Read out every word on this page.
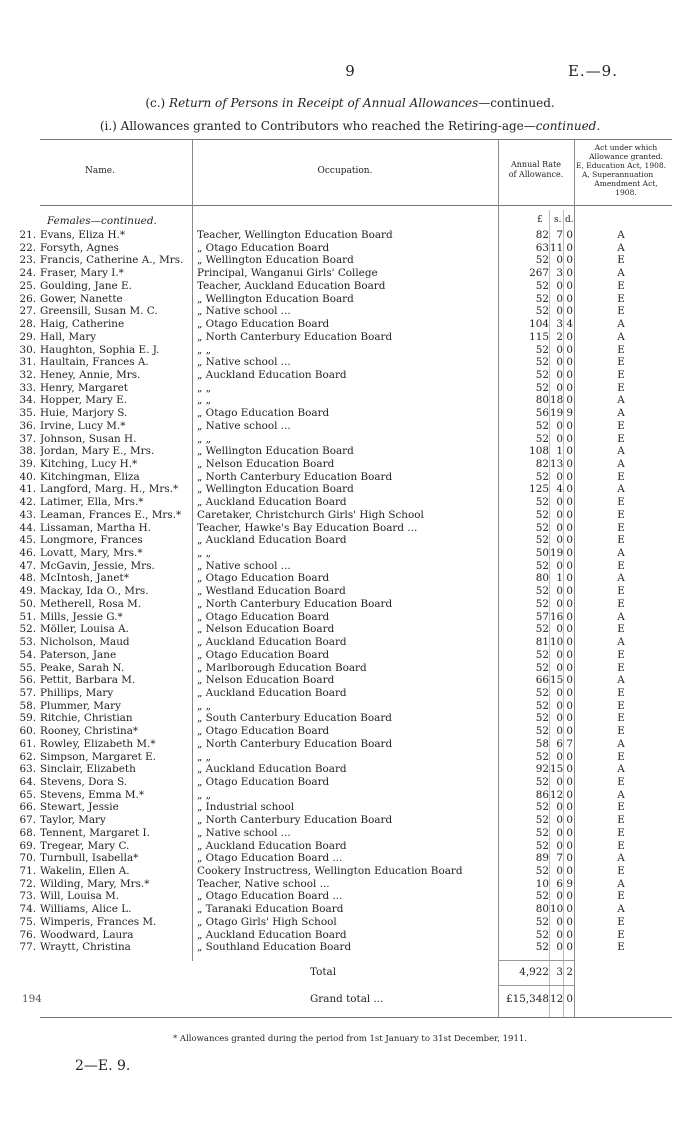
9	E.—9.
(c.) Return of Persons in Receipt of Annual Allowances—continued.
(i.) Allowances granted to Contributors who reached the Retiring-age—continued.
Name.	Occupation.
Annual Rate
of Allowance.
Act under which
Allowance granted.
E, Education Act, 1908.
A, Superannuation
Amendment Act,
1908.
Females—continued.	£ s. d.
21. Evans, Eliza H.*	Teacher, Wellington Education Board	82 7 0	A
22. Forsyth, Agnes	„ Otago Education Board	63 11 0	A
23. Francis, Catherine A., Mrs.	„ Wellington Education Board	52 0 0	E
24. Fraser, Mary I.*	Principal, Wanganui Girls' College	267 3 0	A
25. Goulding, Jane E.	Teacher, Auckland Education Board	52 0 0	E
26. Gower, Nanette	„ Wellington Education Board	52 0 0	E
27. Greensill, Susan M. C.	„ Native school ...	52 0 0	E
28. Haig, Catherine	„ Otago Education Board	104 3 4	A
29. Hall, Mary	„ North Canterbury Education Board	115 2 0	A
30. Haughton, Sophia E. J.	„ „	52 0 0	E
31. Haultain, Frances A.	„ Native school ...	52 0 0	E
32. Heney, Annie, Mrs.	„ Auckland Education Board	52 0 0	E
33. Henry, Margaret	„ „	52 0 0	E
34. Hopper, Mary E.	„ „	80 18 0	A
35. Huie, Marjory S.	„ Otago Education Board	56 19 9	A
36. Irvine, Lucy M.*	„ Native school ...	52 0 0	E
37. Johnson, Susan H.	„ „	52 0 0	E
38. Jordan, Mary E., Mrs.	„ Wellington Education Board	108 1 0	A
39. Kitching, Lucy H.*	„ Nelson Education Board	82 13 0	A
40. Kitchingman, Eliza	„ North Canterbury Education Board	52 0 0	E
41. Langford, Marg. H., Mrs.*	„ Wellington Education Board	125 4 0	A
42. Latimer, Ella, Mrs.*	„ Auckland Education Board	52 0 0	E
43. Leaman, Frances E., Mrs.*	Caretaker, Christchurch Girls' High School	52 0 0	E
44. Lissaman, Martha H.	Teacher, Hawke's Bay Education Board ...	52 0 0	E
45. Longmore, Frances	„ Auckland Education Board	52 0 0	E
46. Lovatt, Mary, Mrs.*	„ „	50 19 0	A
47. McGavin, Jessie, Mrs.	„ Native school ...	52 0 0	E
48. McIntosh, Janet*	„ Otago Education Board	80 1 0	A
49. Mackay, Ida O., Mrs.	„ Westland Education Board	52 0 0	E
50. Metherell, Rosa M.	„ North Canterbury Education Board	52 0 0	E
51. Mills, Jessie G.*	„ Otago Education Board	57 16 0	A
52. Möller, Louisa A.	„ Nelson Education Board	52 0 0	E
53. Nicholson, Maud	„ Auckland Education Board	81 10 0	A
54. Paterson, Jane	„ Otago Education Board	52 0 0	E
55. Peake, Sarah N.	„ Marlborough Education Board	52 0 0	E
56. Pettit, Barbara M.	„ Nelson Education Board	66 15 0	A
57. Phillips, Mary	„ Auckland Education Board	52 0 0	E
58. Plummer, Mary	„ „	52 0 0	E
59. Ritchie, Christian	„ South Canterbury Education Board	52 0 0	E
60. Rooney, Christina*	„ Otago Education Board	52 0 0	E
61. Rowley, Elizabeth M.*	„ North Canterbury Education Board	58 6 7	A
62. Simpson, Margaret E.	„ „	52 0 0	E
63. Sinclair, Elizabeth	„ Auckland Education Board	92 15 0	A
64. Stevens, Dora S.	„ Otago Education Board	52 0 0	E
65. Stevens, Emma M.*	„ „	86 12 0	A
66. Stewart, Jessie	„ Industrial school	52 0 0	E
67. Taylor, Mary	„ North Canterbury Education Board	52 0 0	E
68. Tennent, Margaret I.	„ Native school ...	52 0 0	E
69. Tregear, Mary C.	„ Auckland Education Board	52 0 0	E
70. Turnbull, Isabella*	„ Otago Education Board ...	89 7 0	A
71. Wakelin, Ellen A.	Cookery Instructress, Wellington Education Board	52 0 0	E
72. Wilding, Mary, Mrs.*	Teacher, Native school ...	10 6 9	A
73. Will, Louisa M.	„ Otago Education Board ...	52 0 0	E
74. Williams, Alice L.	„ Taranaki Education Board	80 10 0	A
75. Wimperis, Frances M.	„ Otago Girls' High School	52 0 0	E
76. Woodward, Laura	„ Auckland Education Board	52 0 0	E
77. Wraytt, Christina	„ Southland Education Board	52 0 0	E
Total	4,922 3 2
194	Grand total ...	£15,348 12 0
* Allowances granted during the period from 1st January to 31st December, 1911.
2—E. 9.
